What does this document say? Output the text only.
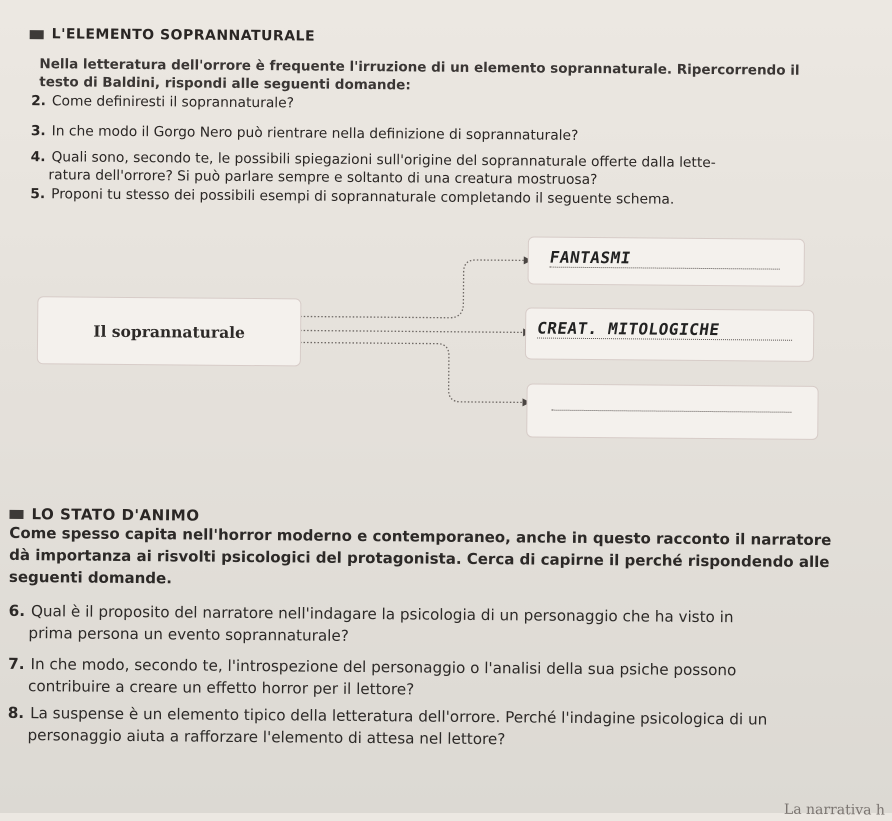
L'ELEMENTO SOPRANNATURALE
Nella letteratura dell'orrore è frequente l'irruzione di un elemento soprannaturale. Ripercorrendo il
testo di Baldini, rispondi alle seguenti domande:
2. Come definiresti il soprannaturale?
3. In che modo il Gorgo Nero può rientrare nella definizione di soprannaturale?
4. Quali sono, secondo te, le possibili spiegazioni sull'origine del soprannaturale offerte dalla lette-
ratura dell'orrore? Si può parlare sempre e soltanto di una creatura mostruosa?
5. Proponi tu stesso dei possibili esempi di soprannaturale completando il seguente schema.
Il soprannaturale
FANTASMI
CREAT. MITOLOGICHE
LO STATO D'ANIMO
Come spesso capita nell'horror moderno e contemporaneo, anche in questo racconto il narratore
dà importanza ai risvolti psicologici del protagonista. Cerca di capirne il perché rispondendo alle
seguenti domande.
6. Qual è il proposito del narratore nell'indagare la psicologia di un personaggio che ha visto in
prima persona un evento soprannaturale?
7. In che modo, secondo te, l'introspezione del personaggio o l'analisi della sua psiche possono
contribuire a creare un effetto horror per il lettore?
8. La suspense è un elemento tipico della letteratura dell'orrore. Perché l'indagine psicologica di un
personaggio aiuta a rafforzare l'elemento di attesa nel lettore?
La narrativa h
